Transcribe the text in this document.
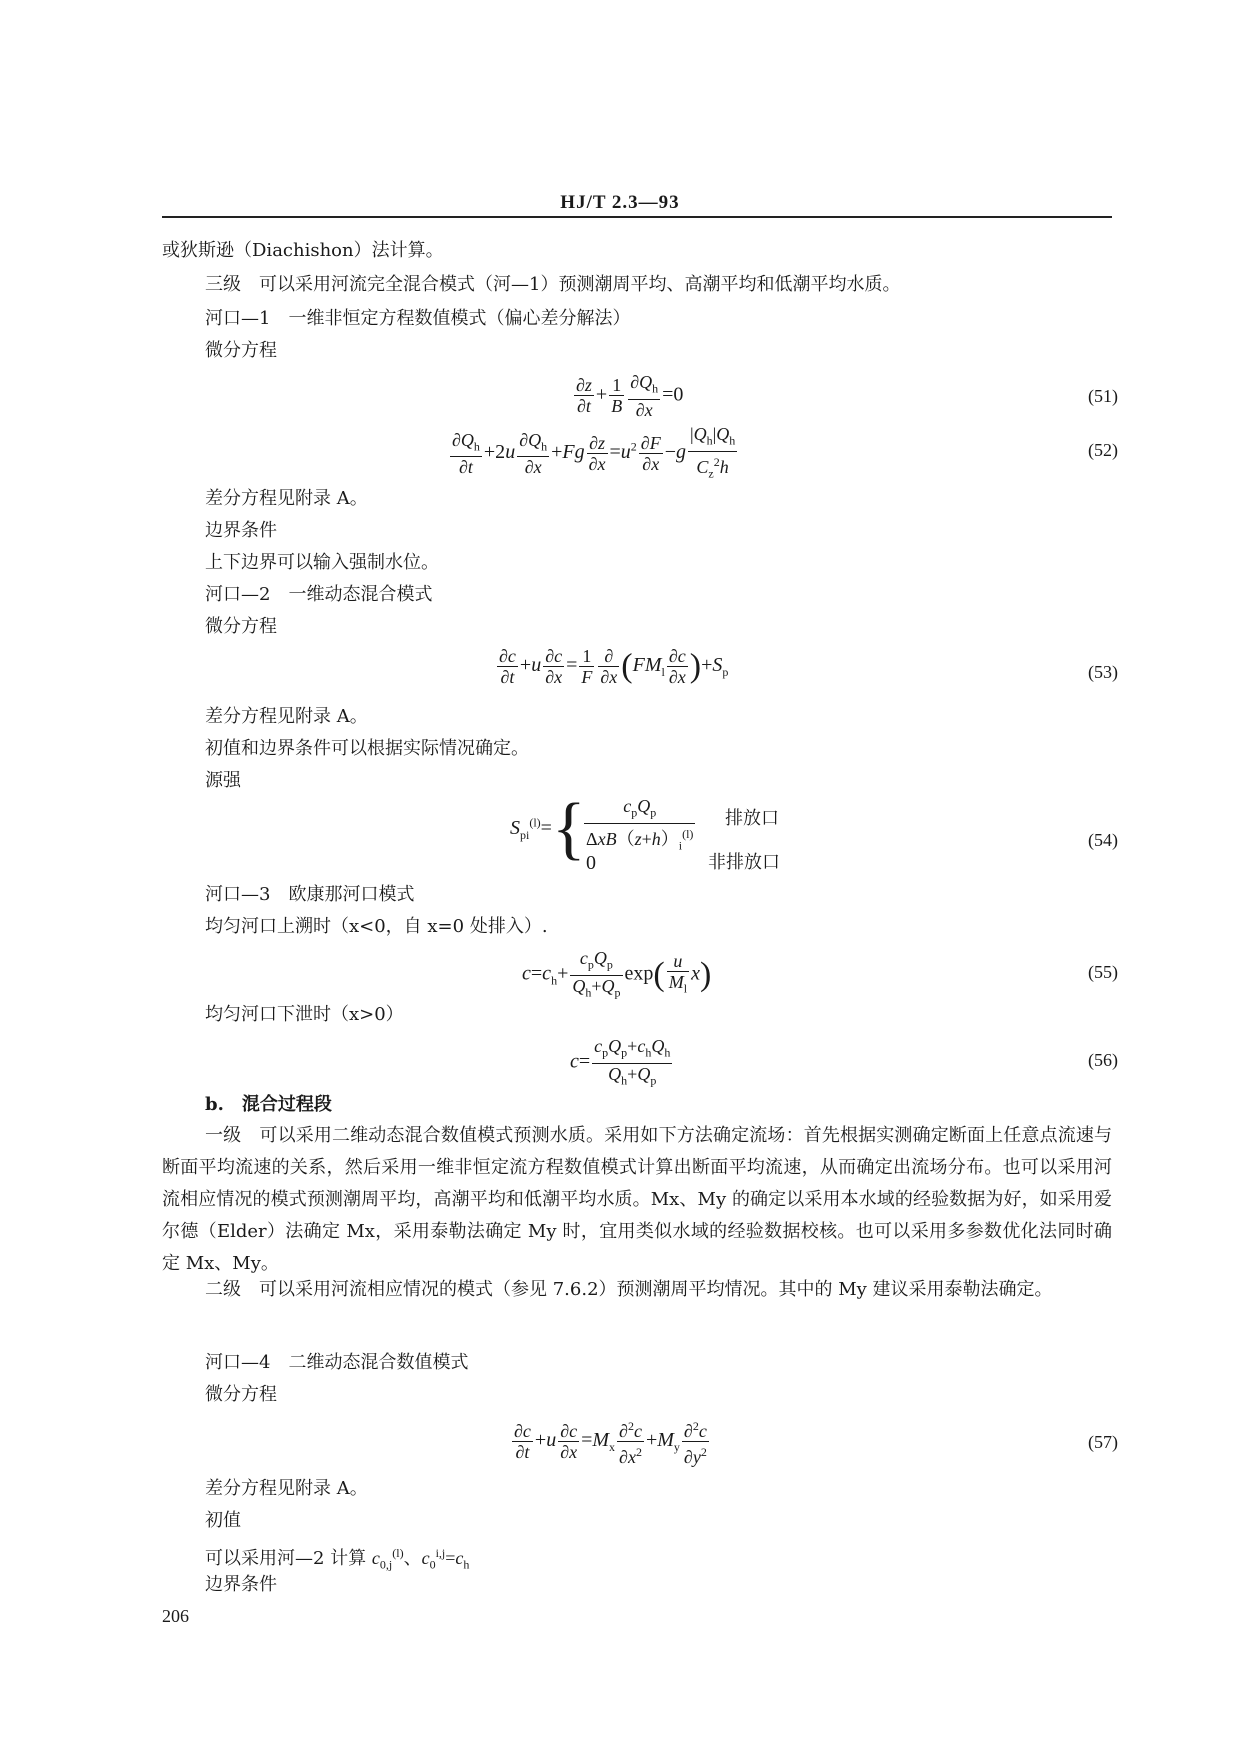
HJ/T 2.3—93
或狄斯逊（Diachishon）法计算。
三级　可以采用河流完全混合模式（河—1）预测潮周平均、高潮平均和低潮平均水质。
河口—1　一维非恒定方程数值模式（偏心差分解法）
微分方程
$\frac{\partial z}{\partial t} + \frac{1}{B} \frac{\partial Q_h}{\partial x} =0$	(51)
$\frac{\partial Q_h}{\partial t} +2u \frac{\partial Q_h}{\partial x} +Fg \frac{\partial z}{\partial x} =u^2 \frac{\partial F}{\partial x} -g \frac{|Q_h|Q_h}{C_z^2h}$	(52)
差分方程见附录 A。
边界条件
上下边界可以输入强制水位。
河口—2　一维动态混合模式
微分方程
$\frac{\partial c}{\partial t} +u \frac{\partial c}{\partial x} = \frac{1}{F} \frac{\partial}{\partial x} (FM_l \frac{\partial c}{\partial x} )+S_p$	(53)
差分方程见附录 A。
初值和边界条件可以根据实际情况确定。
源强
$S_{pi}^{(l)}=${
$\frac{c_pQ_p}{\Delta xB(z+h)_i^{(l)}}$ 排放口
0	非排放口
(54)
河口—3　欧康那河口模式
均匀河口上溯时（x<0，自 x=0 处排入）.
$c=c_h+ \frac{c_pQ_p}{Q_h+Q_p} \exp( \frac{u}{M_l} x)$	(55)
均匀河口下泄时（x>0）
$c= \frac{c_pQ_p+c_hQ_h}{Q_h+Q_p}$	(56)
b.　混合过程段
一级　可以采用二维动态混合数值模式预测水质。采用如下方法确定流场：首先根据实测确定断面上任意点流速与断面平均流速的关系，然后采用一维非恒定流方程数值模式计算出断面平均流速，从而确定出流场分布。也可以采用河流相应情况的模式预测潮周平均，高潮平均和低潮平均水质。Mx、My 的确定以采用本水域的经验数据为好，如采用爱尔德（Elder）法确定 Mx，采用泰勒法确定 My 时，宜用类似水域的经验数据校核。也可以采用多参数优化法同时确定 Mx、My。
二级　可以采用河流相应情况的模式（参见 7.6.2）预测潮周平均情况。其中的 My 建议采用泰勒法确定。
河口—4　二维动态混合数值模式
微分方程
$\frac{\partial c}{\partial t} +u \frac{\partial c}{\partial x} =M_x \frac{\partial^2c}{\partial x^2} +M_y \frac{\partial^2c}{\partial y^2}$	(57)
差分方程见附录 A。
初值
可以采用河—2 计算 $c_{0,j}^{(l)}$、$c_0^{i,j}=c_h$
边界条件
206
